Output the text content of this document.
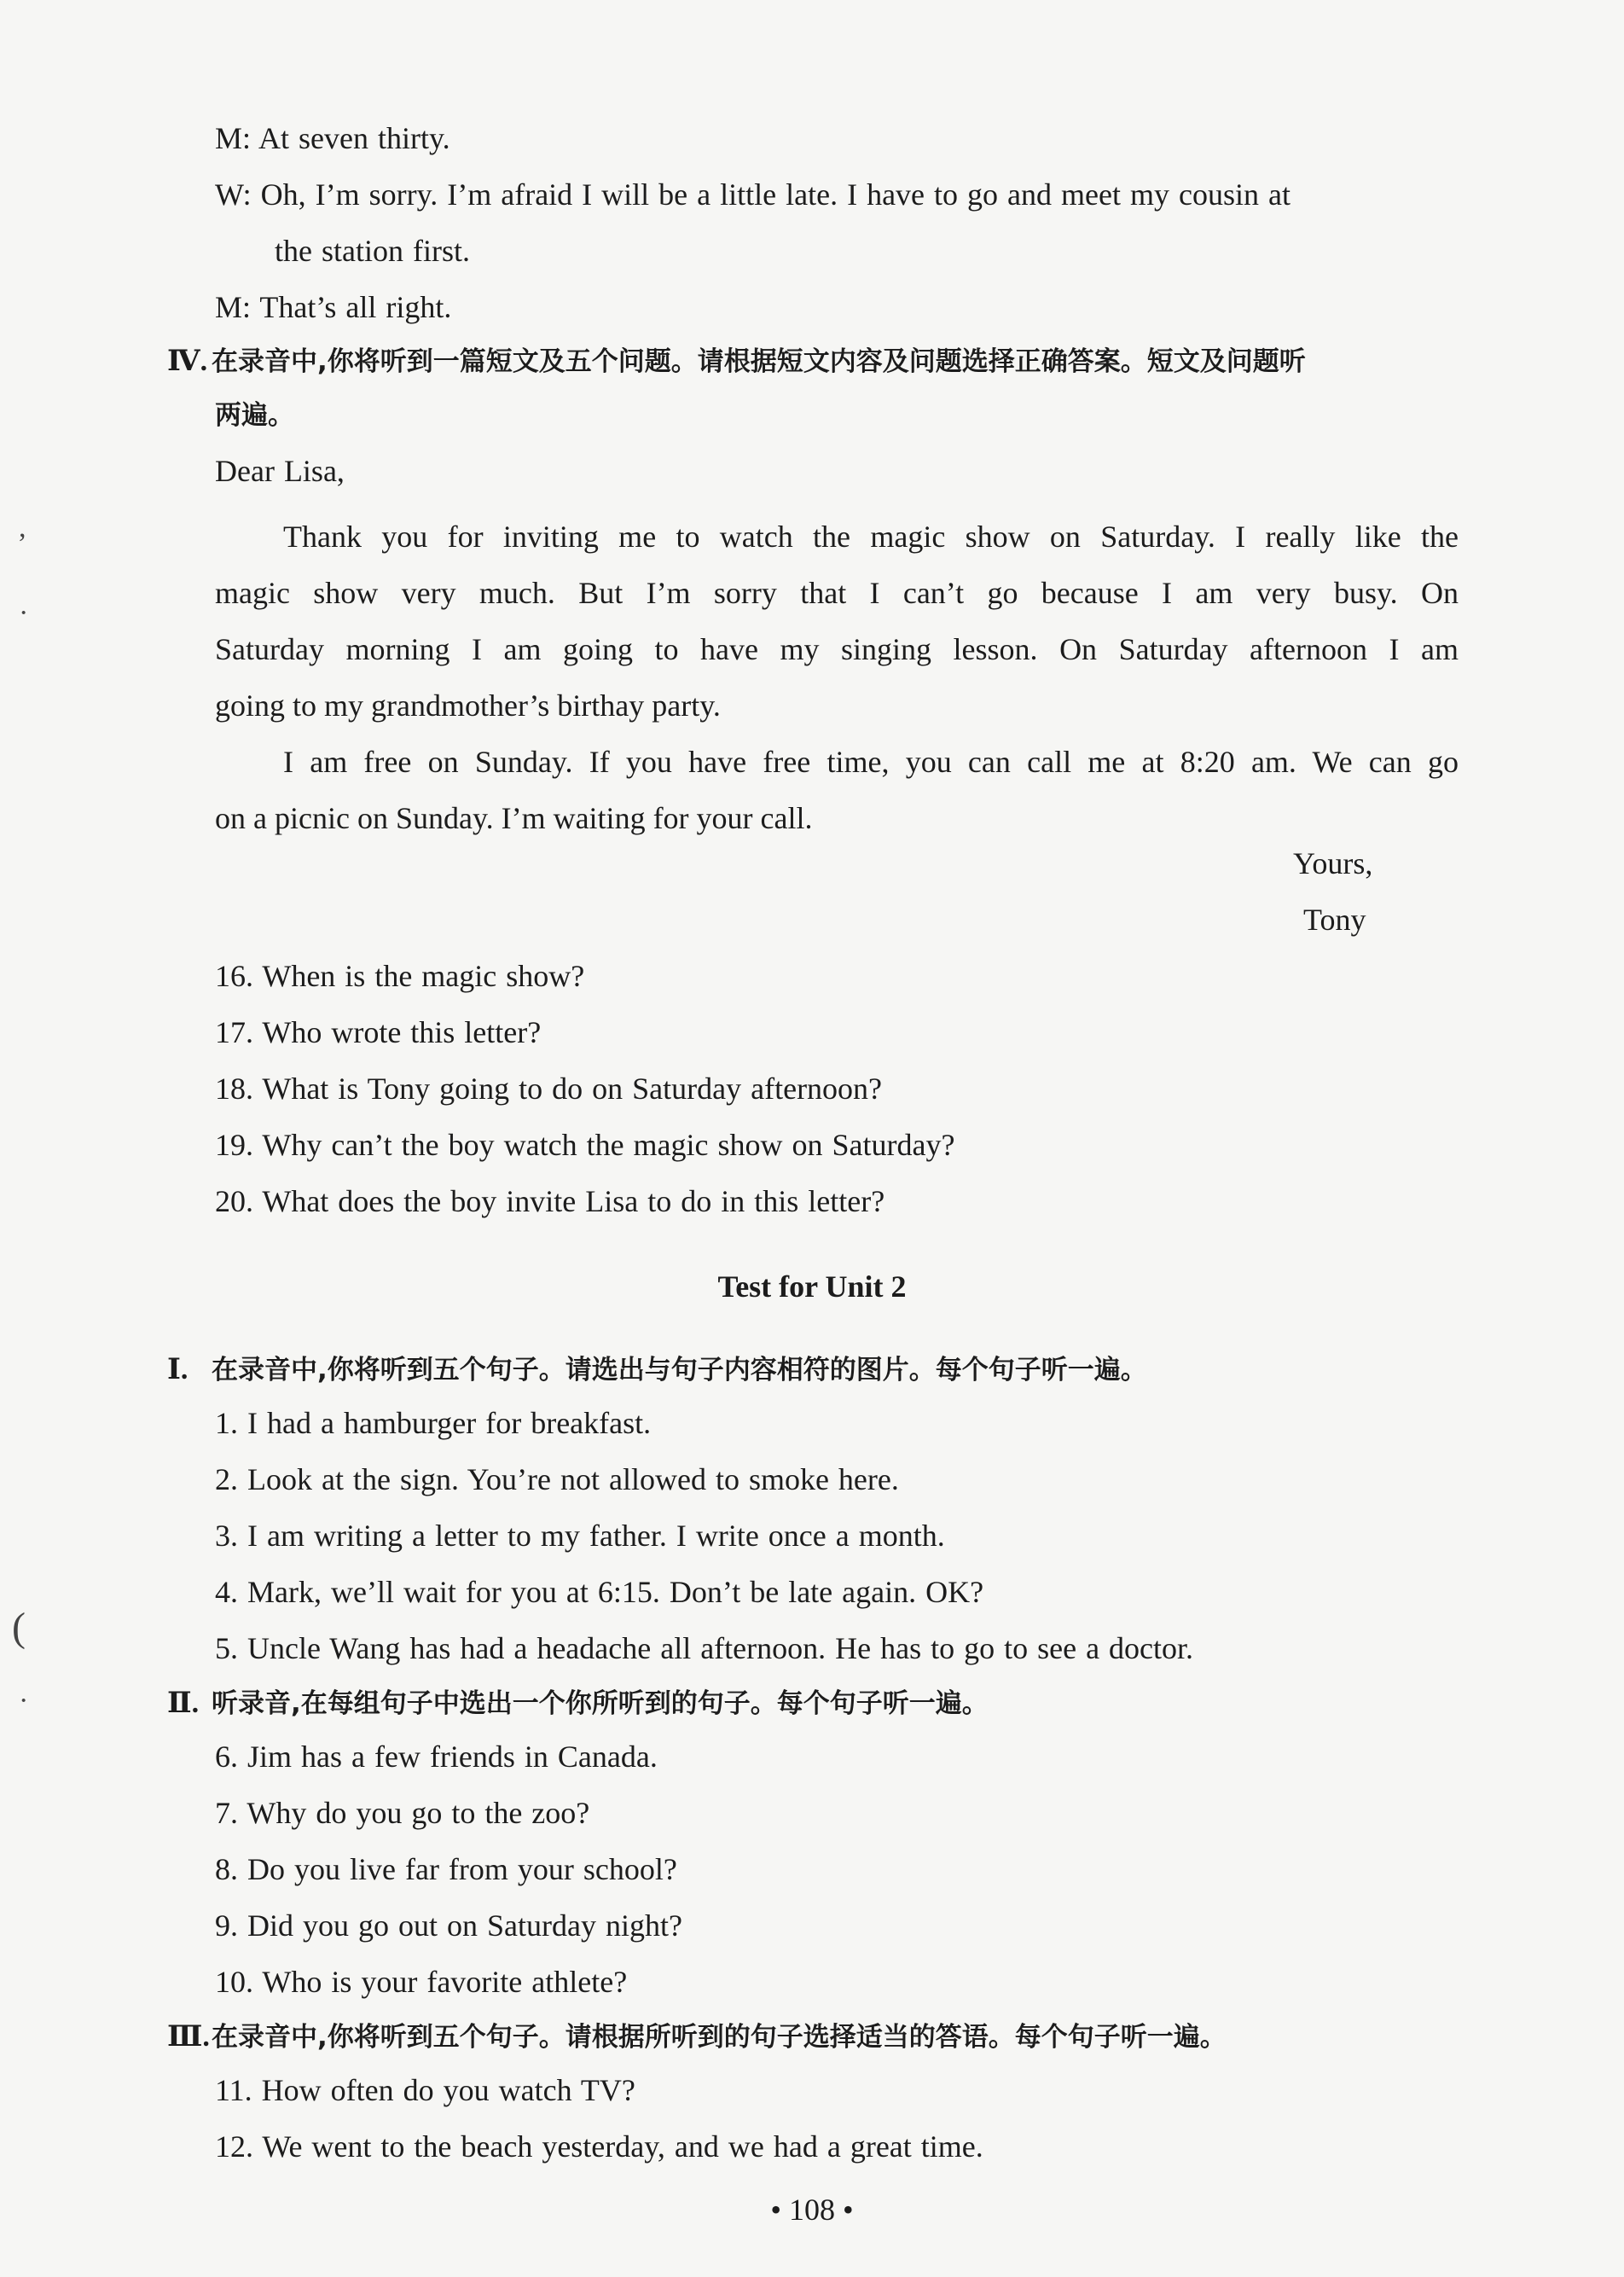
,
·
(
·
M: At seven thirty.
W: Oh, I’m sorry. I’m afraid I will be a little late. I have to go and meet my cousin at
the station first.
M: That’s all right.
Ⅳ. 在录音中,你将听到一篇短文及五个问题。请根据短文内容及问题选择正确答案。短文及问题听
两遍。
Dear Lisa,
Thank you for inviting me to watch the magic show on Saturday. I really like the
magic show very much. But I’m sorry that I can’t go because I am very busy. On
Saturday morning I am going to have my singing lesson. On Saturday afternoon I am
going to my grandmother’s birthay party.
I am free on Sunday. If you have free time, you can call me at 8:20 am. We can go
on a picnic on Sunday. I’m waiting for your call.
Yours,
Tony
16. When is the magic show?
17. Who wrote this letter?
18. What is Tony going to do on Saturday afternoon?
19. Why can’t the boy watch the magic show on Saturday?
20. What does the boy invite Lisa to do in this letter?
Test for Unit 2
Ⅰ. 在录音中,你将听到五个句子。请选出与句子内容相符的图片。每个句子听一遍。
1. I had a hamburger for breakfast.
2. Look at the sign. You’re not allowed to smoke here.
3. I am writing a letter to my father. I write once a month.
4. Mark, we’ll wait for you at 6:15. Don’t be late again. OK?
5. Uncle Wang has had a headache all afternoon. He has to go to see a doctor.
Ⅱ. 听录音,在每组句子中选出一个你所听到的句子。每个句子听一遍。
6. Jim has a few friends in Canada.
7. Why do you go to the zoo?
8. Do you live far from your school?
9. Did you go out on Saturday night?
10. Who is your favorite athlete?
Ⅲ.在录音中,你将听到五个句子。请根据所听到的句子选择适当的答语。每个句子听一遍。
11. How often do you watch TV?
12. We went to the beach yesterday, and we had a great time.
• 108 •
